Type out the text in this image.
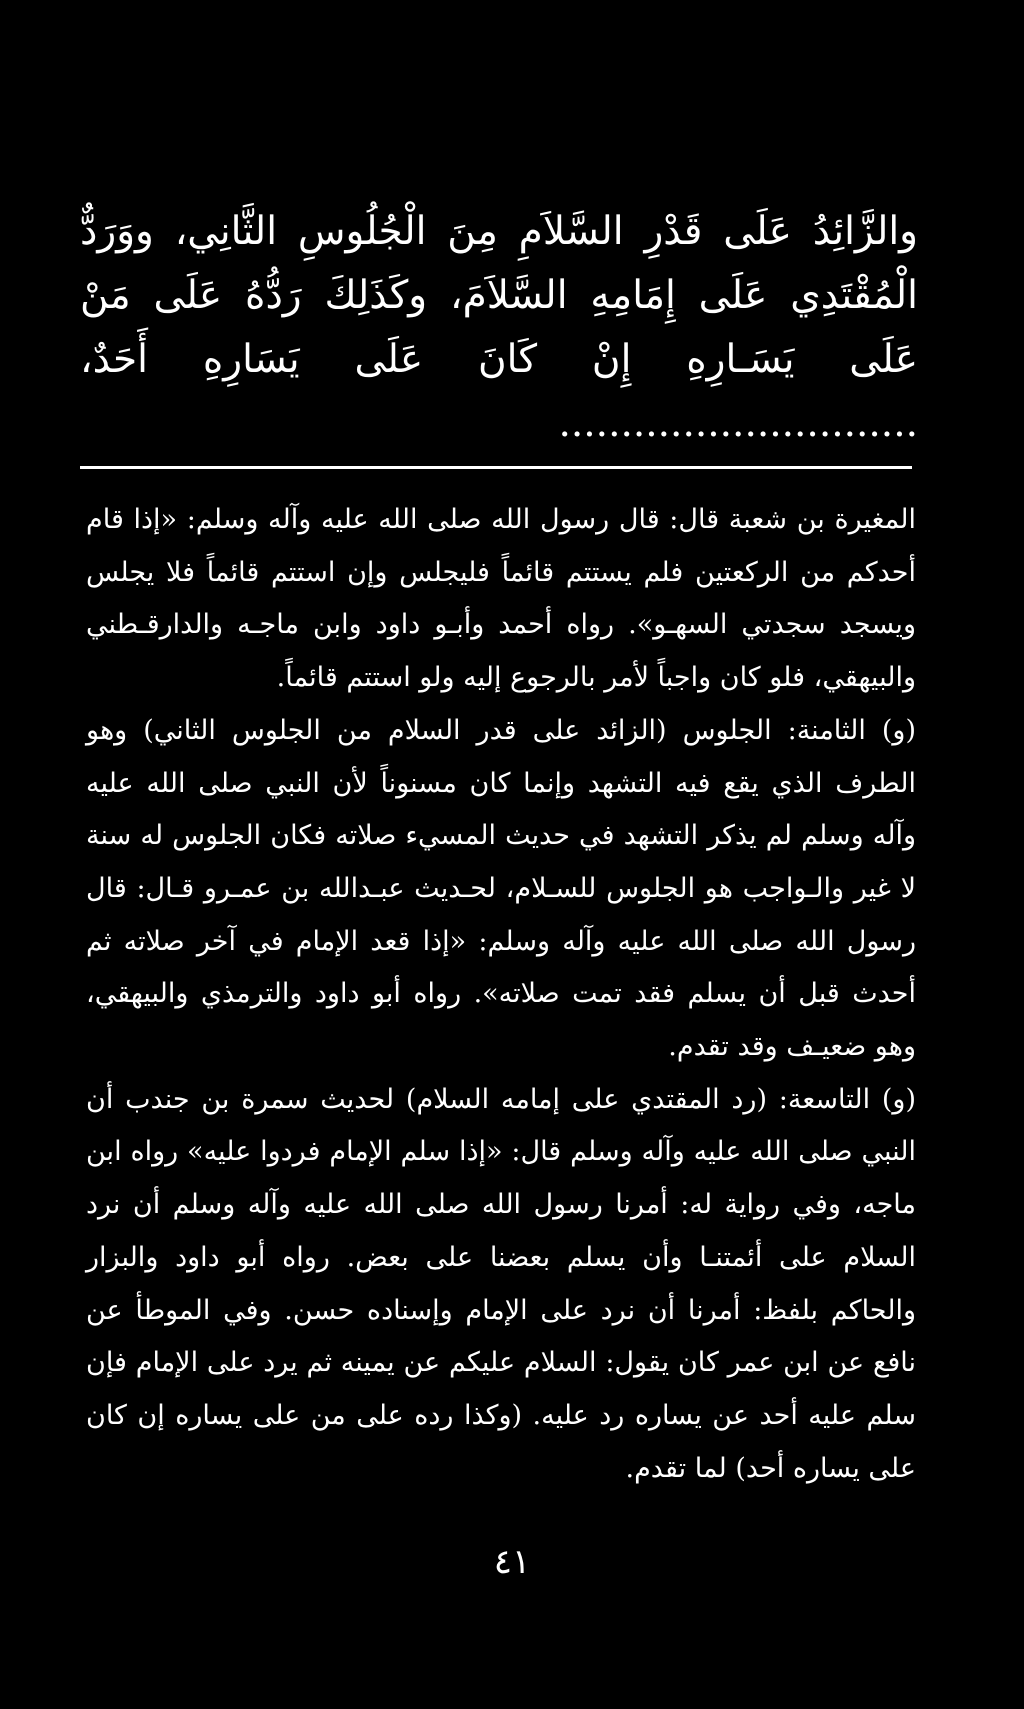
والزَّائِدُ عَلَى قَدْرِ السَّلاَمِ مِنَ الْجُلُوسِ الثَّانِي، ووَرَدٌّ الْمُقْتَدِي عَلَى إِمَامِهِ السَّلاَمَ، وكَذَلِكَ رَدُّهُ عَلَى مَنْ عَلَى يَسَـارِهِ إِنْ كَانَ عَلَى يَسَارِهِ أَحَدٌ، .............................

المغيرة بن شعبة قال: قال رسول الله صلى الله عليه وآله وسلم: «إذا قام أحدكم من الركعتين فلم يستتم قائماً فليجلس وإن استتم قائماً فلا يجلس ويسجد سجدتي السهـو». رواه أحمد وأبـو داود وابن ماجـه والدارقـطني والبيهقي، فلو كان واجباً لأمر بالرجوع إليه ولو استتم قائماً.

(و) الثامنة: الجلوس (الزائد على قدر السلام من الجلوس الثاني) وهو الطرف الذي يقع فيه التشهد وإنما كان مسنوناً لأن النبي صلى الله عليه وآله وسلم لم يذكر التشهد في حديث المسيء صلاته فكان الجلوس له سنة لا غير والـواجب هو الجلوس للسـلام، لحـديث عبـدالله بن عمـرو قـال: قال رسول الله صلى الله عليه وآله وسلم: «إذا قعد الإمام في آخر صلاته ثم أحدث قبل أن يسلم فقد تمت صلاته». رواه أبو داود والترمذي والبيهقي، وهو ضعيـف وقد تقدم.

(و) التاسعة: (رد المقتدي على إمامه السلام) لحديث سمرة بن جندب أن النبي صلى الله عليه وآله وسلم قال: «إذا سلم الإمام فردوا عليه» رواه ابن ماجه، وفي رواية له: أمرنا رسول الله صلى الله عليه وآله وسلم أن نرد السلام على أئمتنـا وأن يسلم بعضنا على بعض. رواه أبو داود والبزار والحاكم بلفظ: أمرنا أن نرد على الإمام وإسناده حسن. وفي الموطأ عن نافع عن ابن عمر كان يقول: السلام عليكم عن يمينه ثم يرد على الإمام فإن سلم عليه أحد عن يساره رد عليه. (وكذا رده على من على يساره إن كان على يساره أحد) لما تقدم.

٤١
